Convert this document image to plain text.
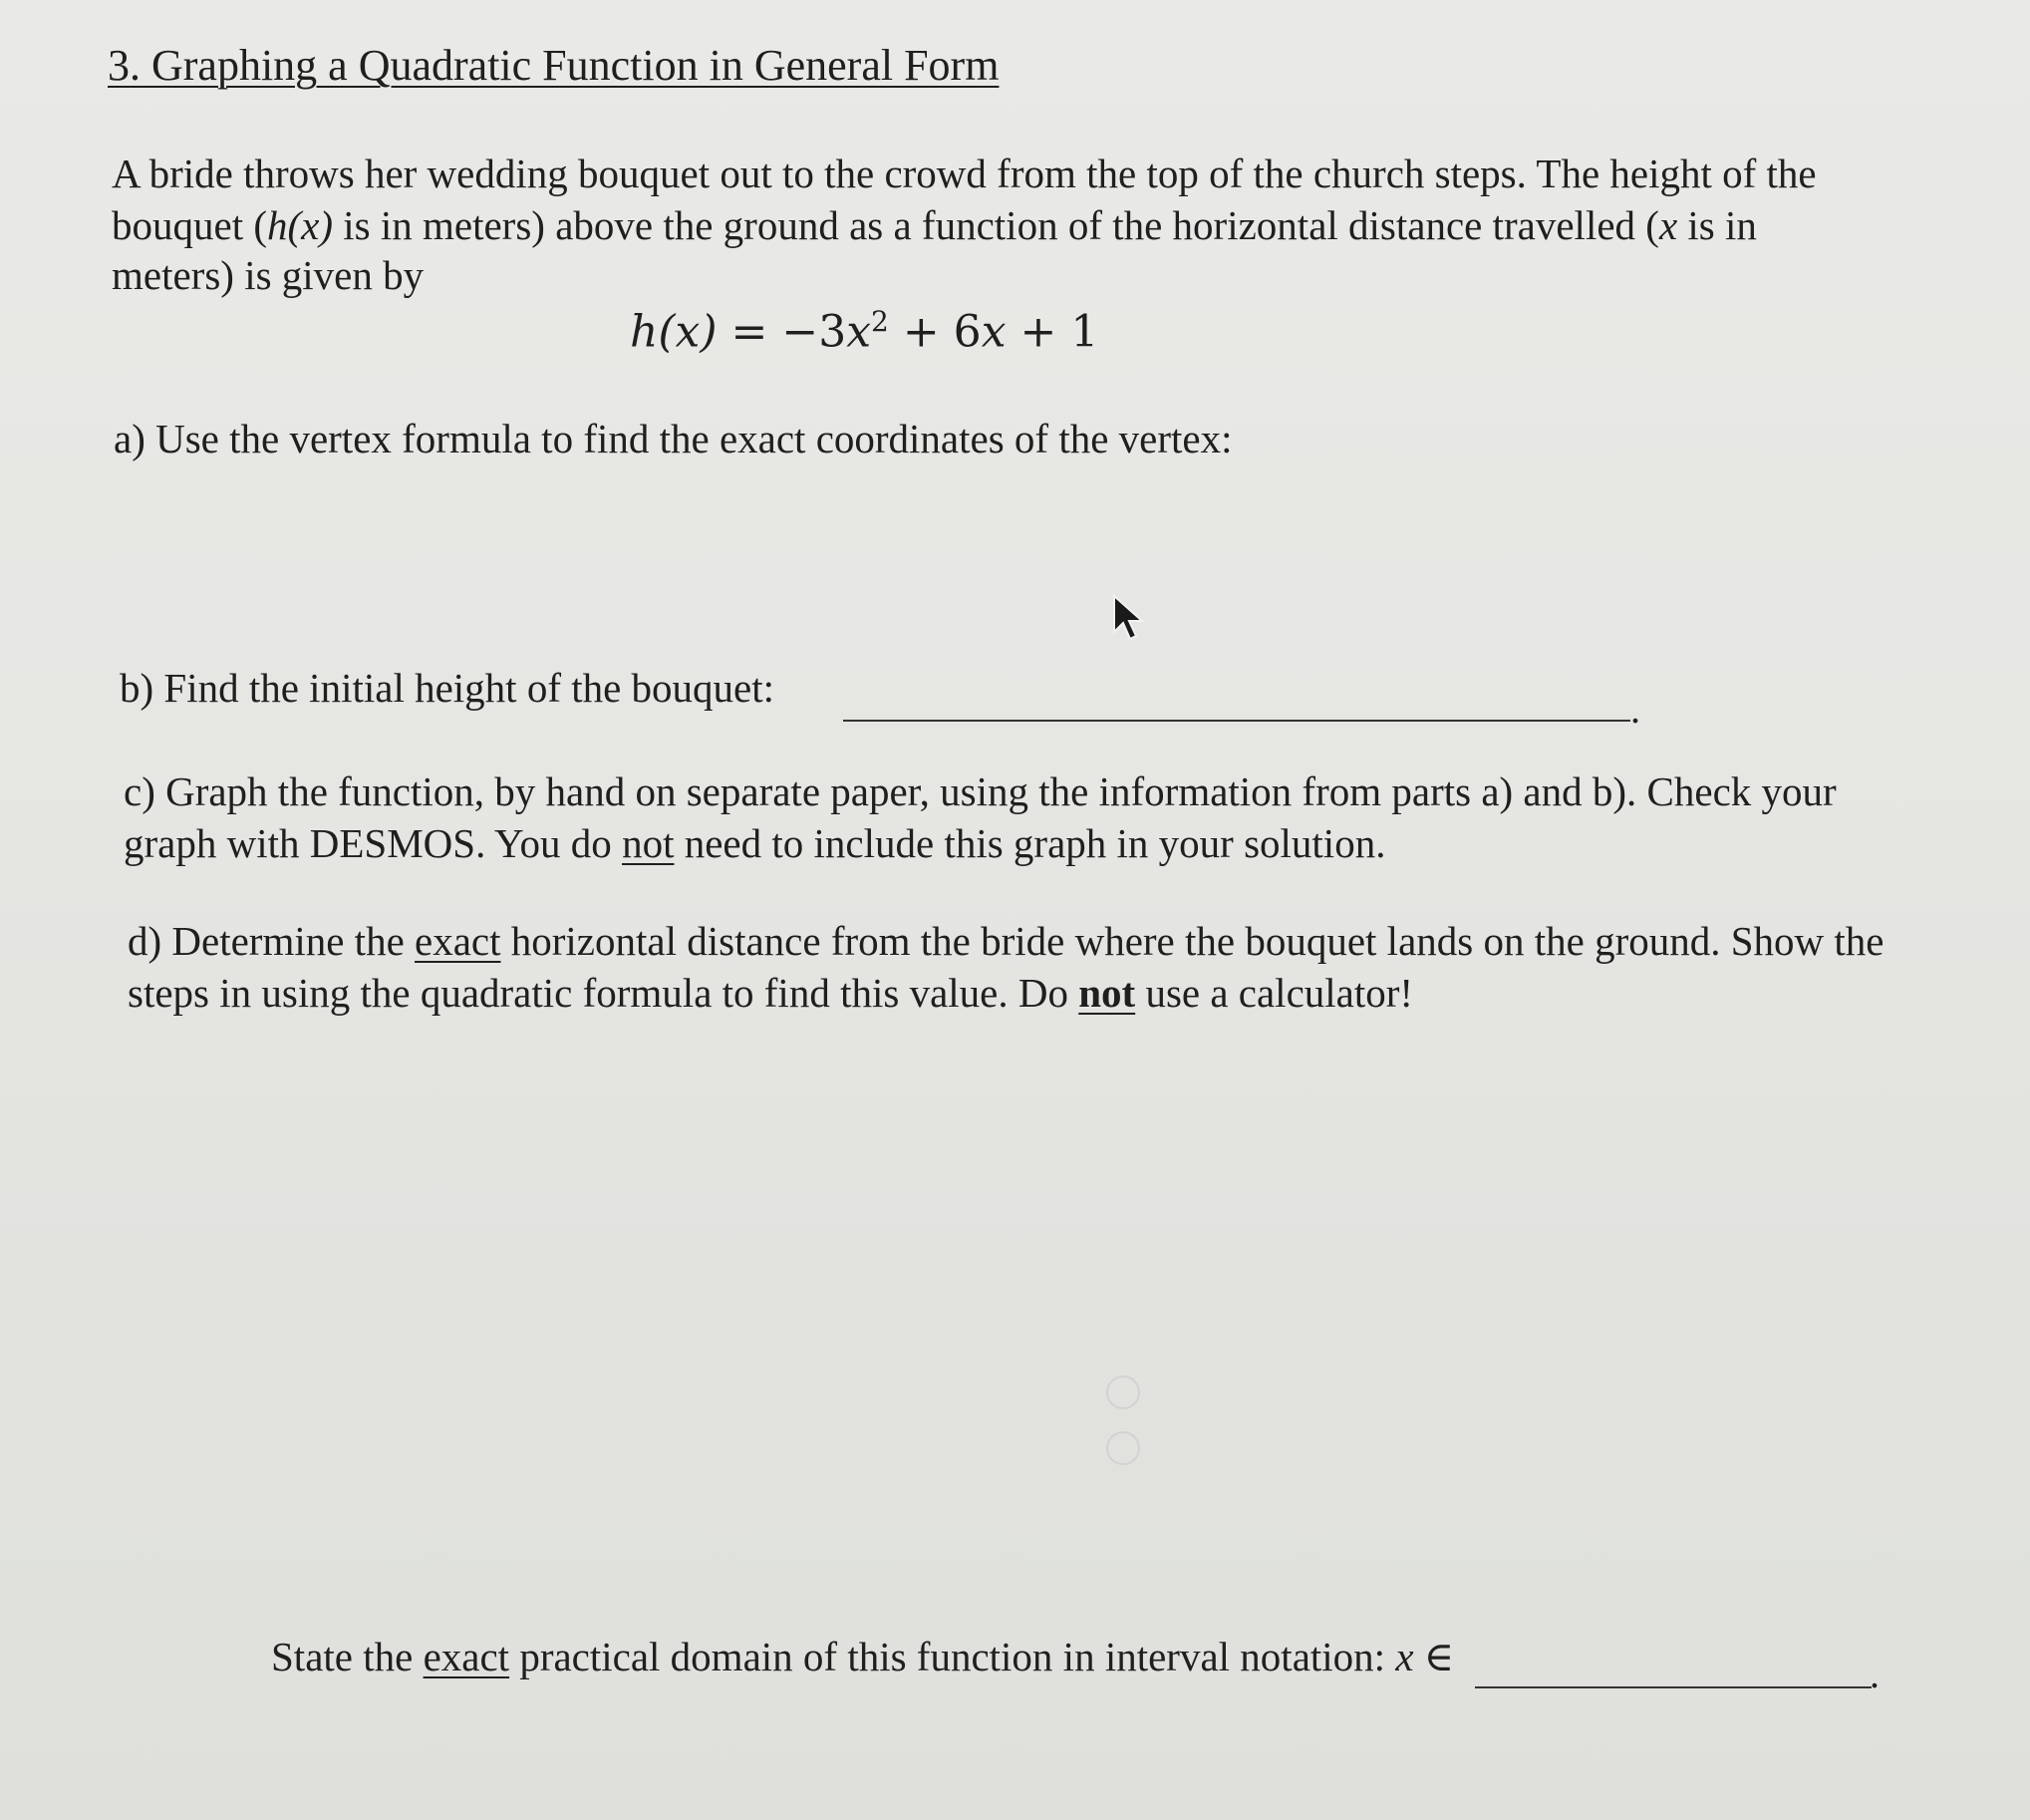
3. Graphing a Quadratic Function in General Form
A bride throws her wedding bouquet out to the crowd from the top of the church steps. The height of the
bouquet (h(x) is in meters) above the ground as a function of the horizontal distance travelled (x is in
meters) is given by
$h(x) = -3x^2 + 6x + 1$
a) Use the vertex formula to find the exact coordinates of the vertex:
b) Find the initial height of the bouquet:	.
c) Graph the function, by hand on separate paper, using the information from parts a) and b). Check your
graph with DESMOS. You do not need to include this graph in your solution.
d) Determine the exact horizontal distance from the bride where the bouquet lands on the ground. Show the
steps in using the quadratic formula to find this value. Do not use a calculator!
State the exact practical domain of this function in interval notation: x ∈	.
